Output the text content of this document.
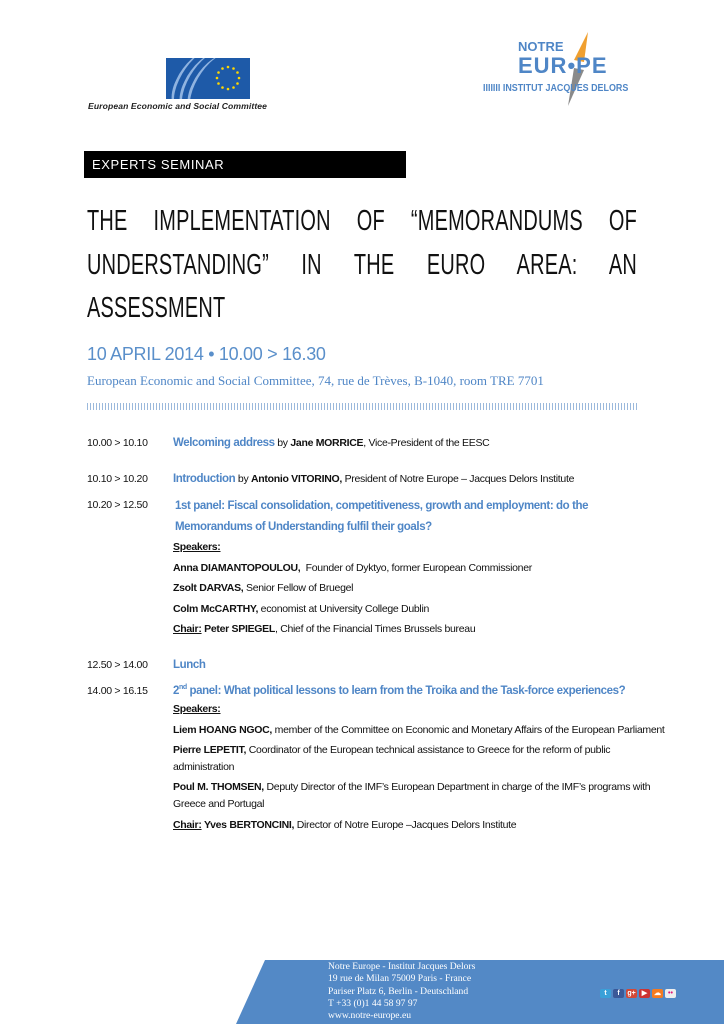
European Economic and Social Committee
NOTRE
EUR•PE
IIIIIII INSTITUT JACQUES DELORS
EXPERTS SEMINAR
THE IMPLEMENTATION OF “MEMORANDUMS OF
UNDERSTANDING” IN THE EURO AREA: AN
ASSESSMENT
10 APRIL 2014 • 10.00 > 16.30
European Economic and Social Committee, 74, rue de Trèves, B-1040, room TRE 7701
10.00 > 10.10	Welcoming address by Jane MORRICE, Vice-President of the EESC
10.10 > 10.20	Introduction by Antonio VITORINO, President of Notre Europe – Jacques Delors Institute
10.20 > 12.50	1st panel: Fiscal consolidation, competitiveness, growth and employment: do the
Memorandums of Understanding fulfil their goals?
Speakers:
Anna DIAMANTOPOULOU,  Founder of Dyktyo, former European Commissioner
Zsolt DARVAS, Senior Fellow of Bruegel
Colm McCARTHY, economist at University College Dublin
Chair: Peter SPIEGEL, Chief of the Financial Times Brussels bureau
12.50 > 14.00	Lunch
14.00 > 16.15	2nd panel: What political lessons to learn from the Troika and the Task-force experiences?
Speakers:
Liem HOANG NGOC, member of the Committee on Economic and Monetary Affairs of the European Parliament
Pierre LEPETIT, Coordinator of the European technical assistance to Greece for the reform of public
administration
Poul M. THOMSEN, Deputy Director of the IMF’s European Department in charge of the IMF’s programs with
Greece and Portugal
Chair: Yves BERTONCINI, Director of Notre Europe –Jacques Delors Institute
Notre Europe - Institut Jacques Delors
19 rue de Milan 75009 Paris - France
Pariser Platz 6, Berlin - Deutschland
T +33 (0)1 44 58 97 97
www.notre-europe.eu
t	f	g+ ▶ ☁	••
